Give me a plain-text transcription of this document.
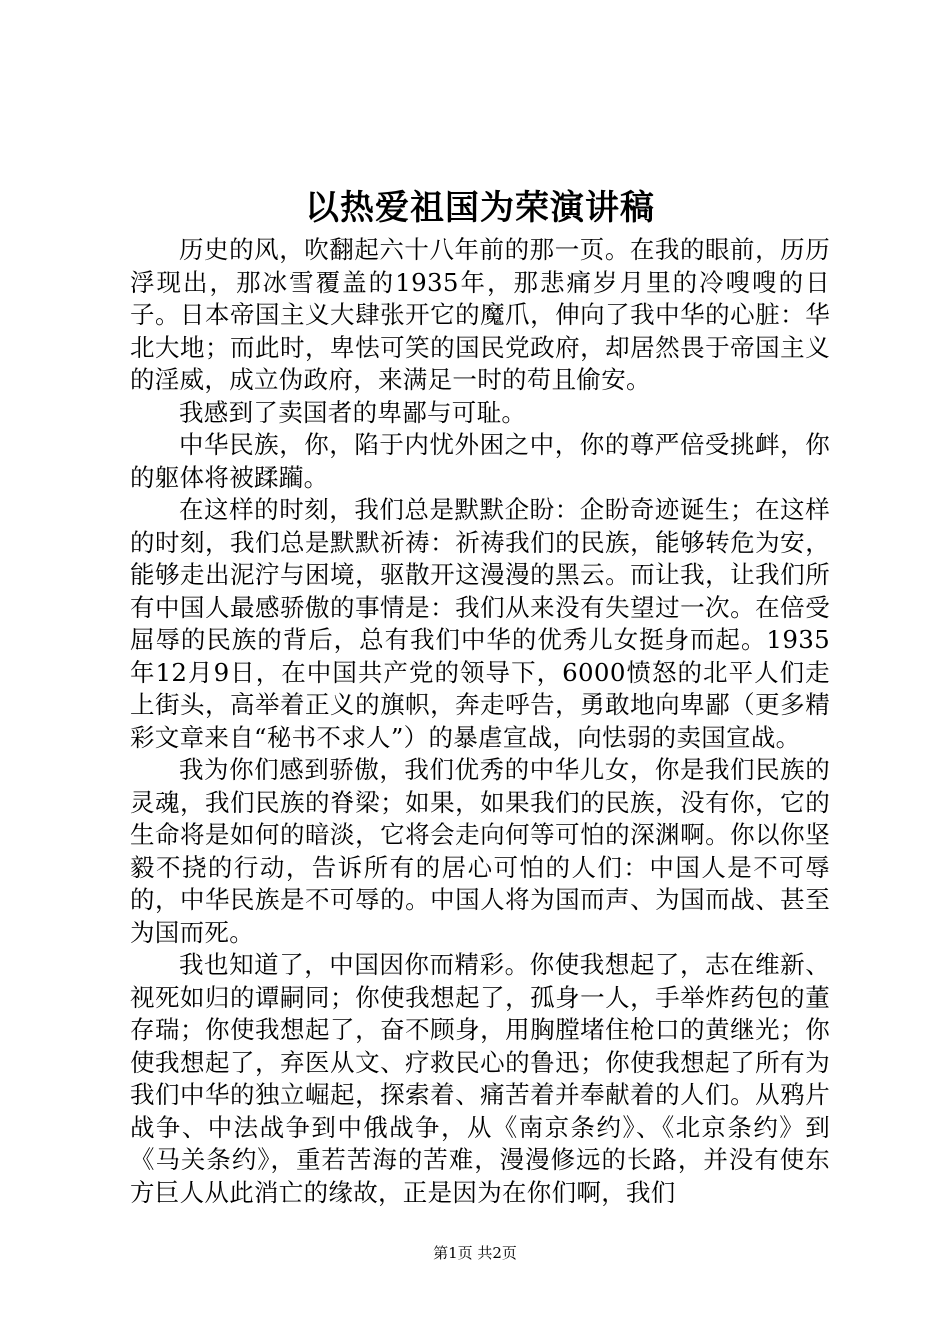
以热爱祖国为荣演讲稿

历史的风，吹翻起六十八年前的那一页。在我的眼前，历历浮现出，那冰雪覆盖的1935年，那悲痛岁月里的冷嗖嗖的日子。日本帝国主义大肆张开它的魔爪，伸向了我中华的心脏：华北大地；而此时，卑怯可笑的国民党政府，却居然畏于帝国主义的淫威，成立伪政府，来满足一时的苟且偷安。

我感到了卖国者的卑鄙与可耻。

中华民族，你，陷于内忧外困之中，你的尊严倍受挑衅，你的躯体将被蹂躏。

在这样的时刻，我们总是默默企盼：企盼奇迹诞生；在这样的时刻，我们总是默默祈祷：祈祷我们的民族，能够转危为安，能够走出泥泞与困境，驱散开这漫漫的黑云。而让我，让我们所有中国人最感骄傲的事情是：我们从来没有失望过一次。在倍受屈辱的民族的背后，总有我们中华的优秀儿女挺身而起。1935年12月9日，在中国共产党的领导下，6000愤怒的北平人们走上街头，高举着正义的旗帜，奔走呼告，勇敢地向卑鄙（更多精彩文章来自“秘书不求人”）的暴虐宣战，向怯弱的卖国宣战。

我为你们感到骄傲，我们优秀的中华儿女，你是我们民族的灵魂，我们民族的脊梁；如果，如果我们的民族，没有你，它的生命将是如何的暗淡，它将会走向何等可怕的深渊啊。你以你坚毅不挠的行动，告诉所有的居心可怕的人们：中国人是不可辱的，中华民族是不可辱的。中国人将为国而声、为国而战、甚至为国而死。

我也知道了，中国因你而精彩。你使我想起了，志在维新、视死如归的谭嗣同；你使我想起了，孤身一人，手举炸药包的董存瑞；你使我想起了，奋不顾身，用胸膛堵住枪口的黄继光；你使我想起了，弃医从文、疗救民心的鲁迅；你使我想起了所有为我们中华的独立崛起，探索着、痛苦着并奉献着的人们。从鸦片战争、中法战争到中俄战争，从《南京条约》、《北京条约》到《马关条约》，重若苦海的苦难，漫漫修远的长路，并没有使东方巨人从此消亡的缘故，正是因为在你们啊，我们

第1页 共2页
